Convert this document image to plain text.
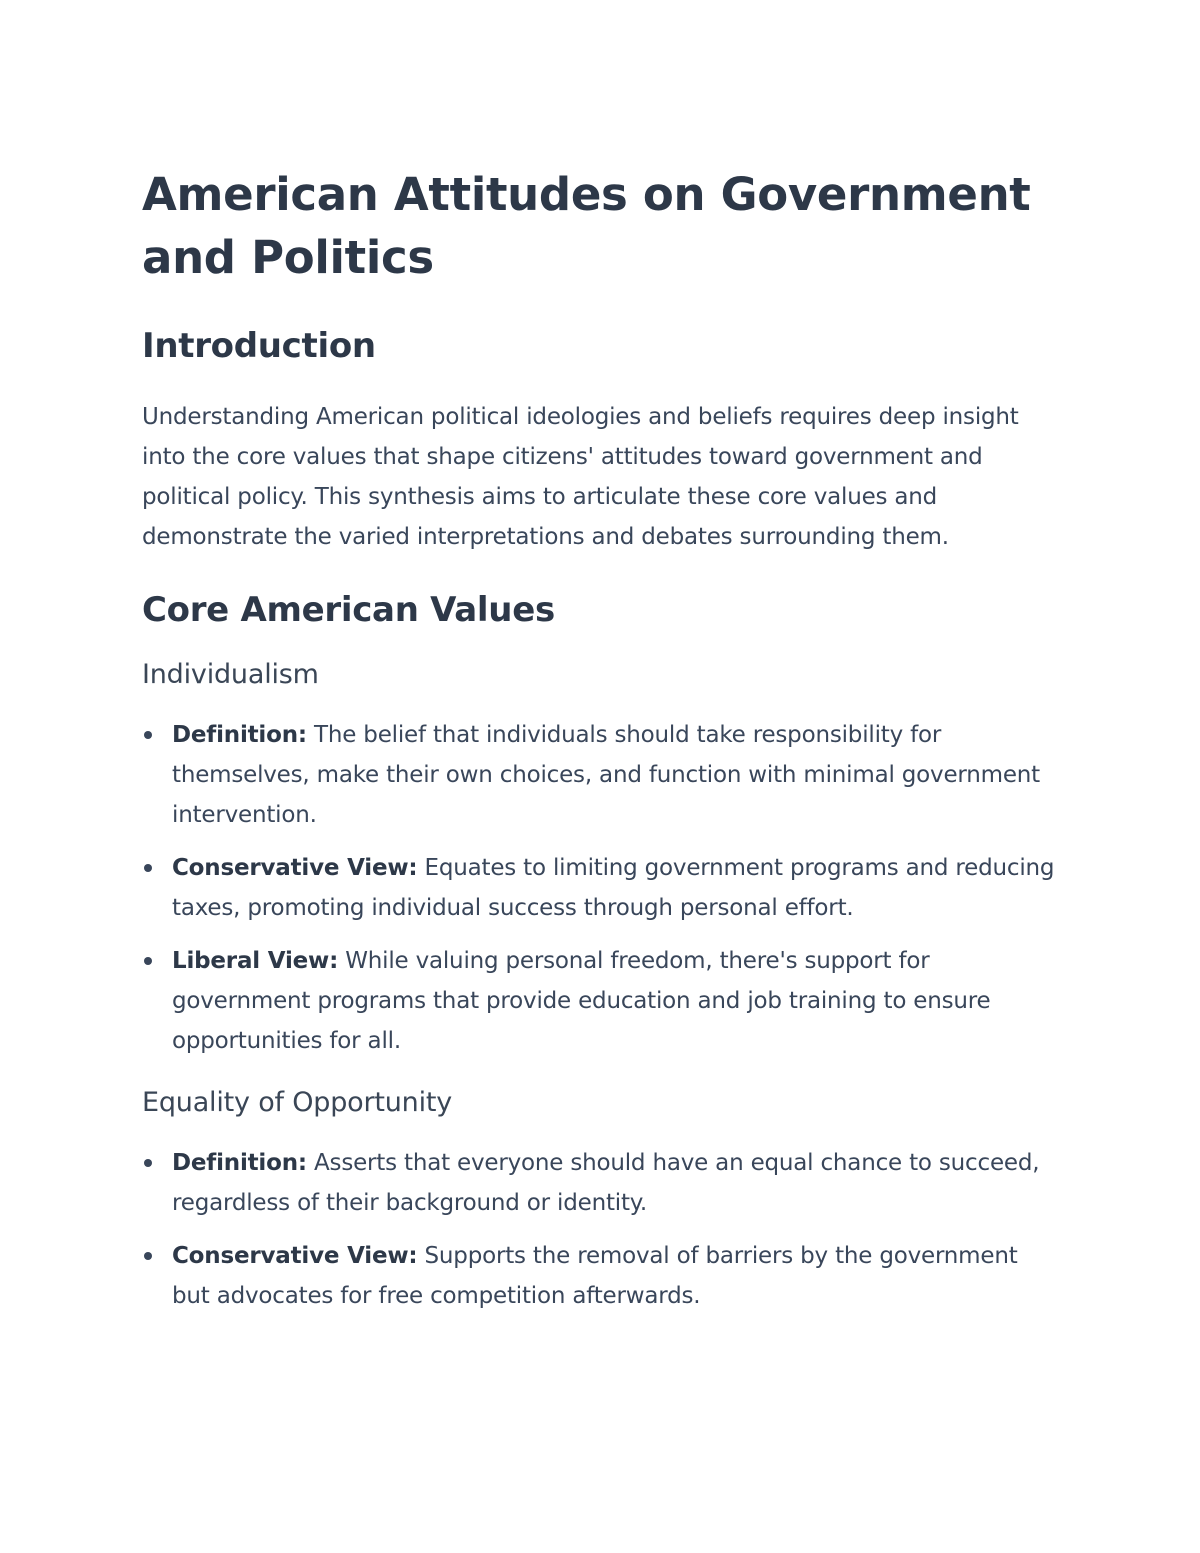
American Attitudes on Government and Politics
Introduction

Understanding American political ideologies and beliefs requires deep insight into the core values that shape citizens' attitudes toward government and political policy. This synthesis aims to articulate these core values and demonstrate the varied interpretations and debates surrounding them.

Core American Values
Individualism
Definition: The belief that individuals should take responsibility for themselves, make their own choices, and function with minimal government intervention.
Conservative View: Equates to limiting government programs and reducing taxes, promoting individual success through personal effort.
Liberal View: While valuing personal freedom, there's support for government programs that provide education and job training to ensure opportunities for all.
Equality of Opportunity
Definition: Asserts that everyone should have an equal chance to succeed, regardless of their background or identity.
Conservative View: Supports the removal of barriers by the government but advocates for free competition afterwards.
